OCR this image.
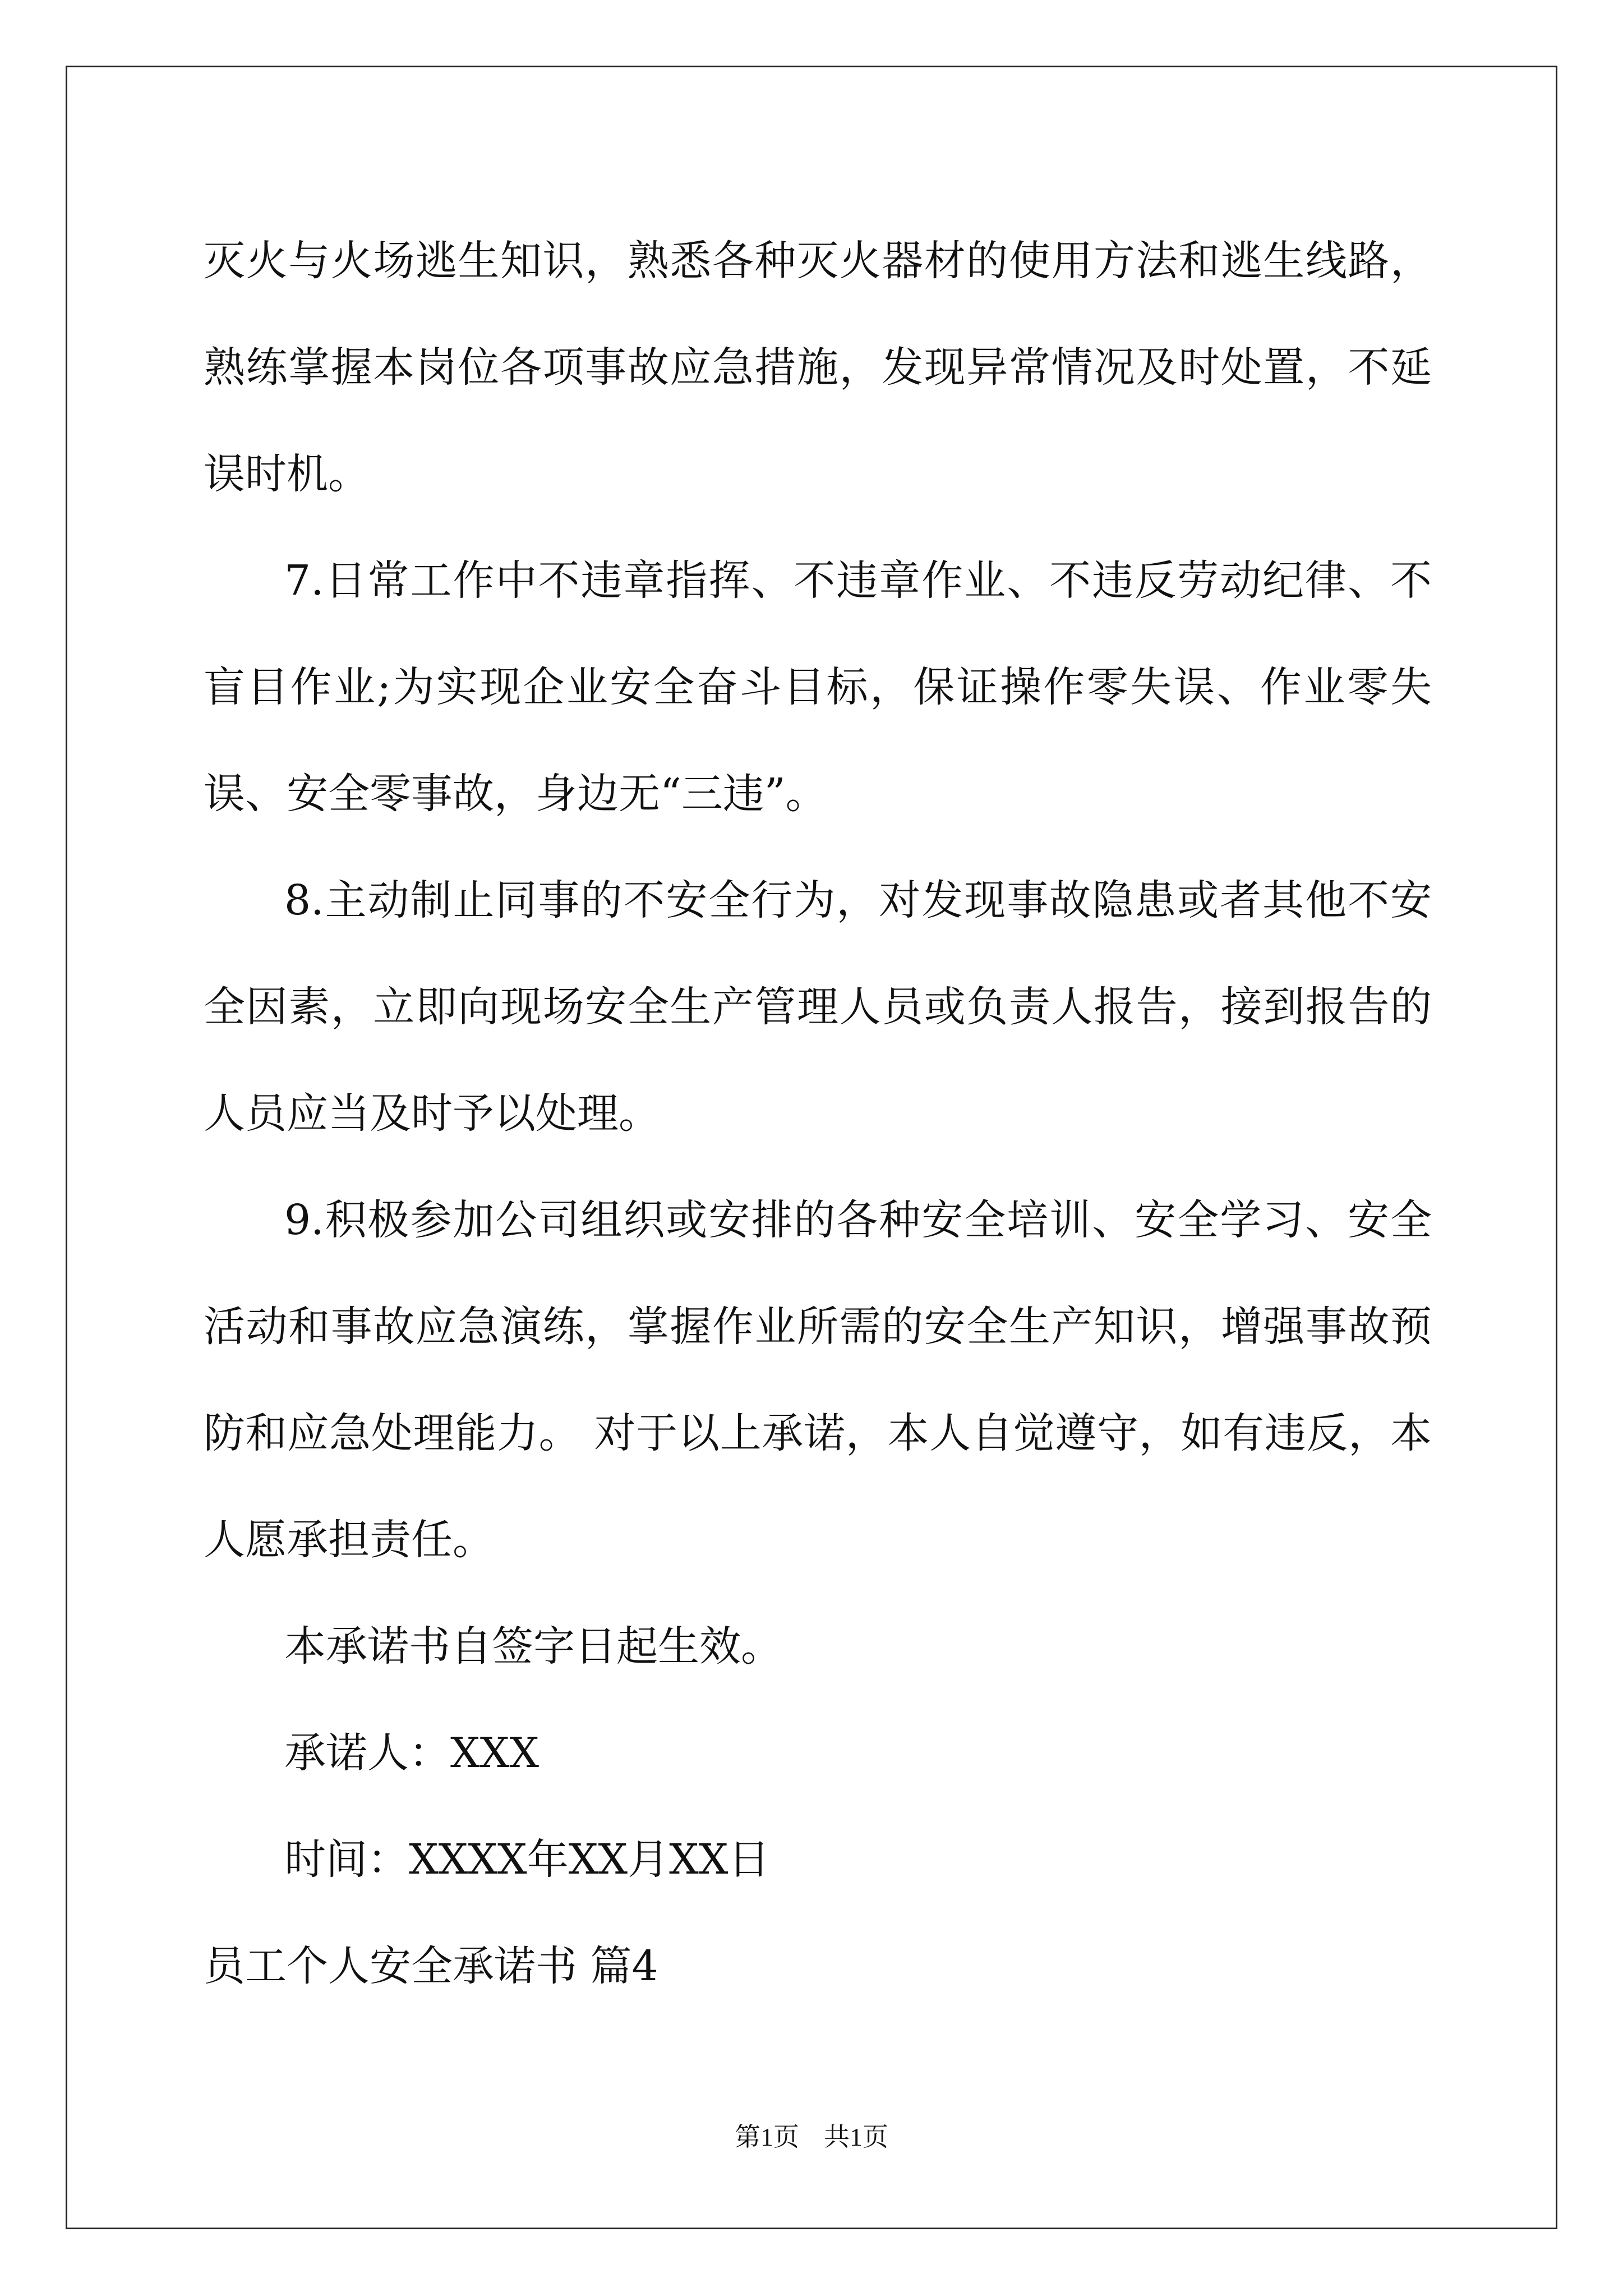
灭火与火场逃生知识，熟悉各种灭火器材的使用方法和逃生线路，熟练掌握本岗位各项事故应急措施，发现异常情况及时处置，不延误时机。

7.日常工作中不违章指挥、不违章作业、不违反劳动纪律、不盲目作业;为实现企业安全奋斗目标，保证操作零失误、作业零失误、安全零事故，身边无“三违”。

8.主动制止同事的不安全行为，对发现事故隐患或者其他不安全因素，立即向现场安全生产管理人员或负责人报告，接到报告的人员应当及时予以处理。

9.积极参加公司组织或安排的各种安全培训、安全学习、安全活动和事故应急演练，掌握作业所需的安全生产知识，增强事故预防和应急处理能力。 对于以上承诺，本人自觉遵守，如有违反，本人愿承担责任。

本承诺书自签字日起生效。

承诺人：XXX

时间：XXXX年XX月XX日

员工个人安全承诺书 篇4

第1页 共1页
